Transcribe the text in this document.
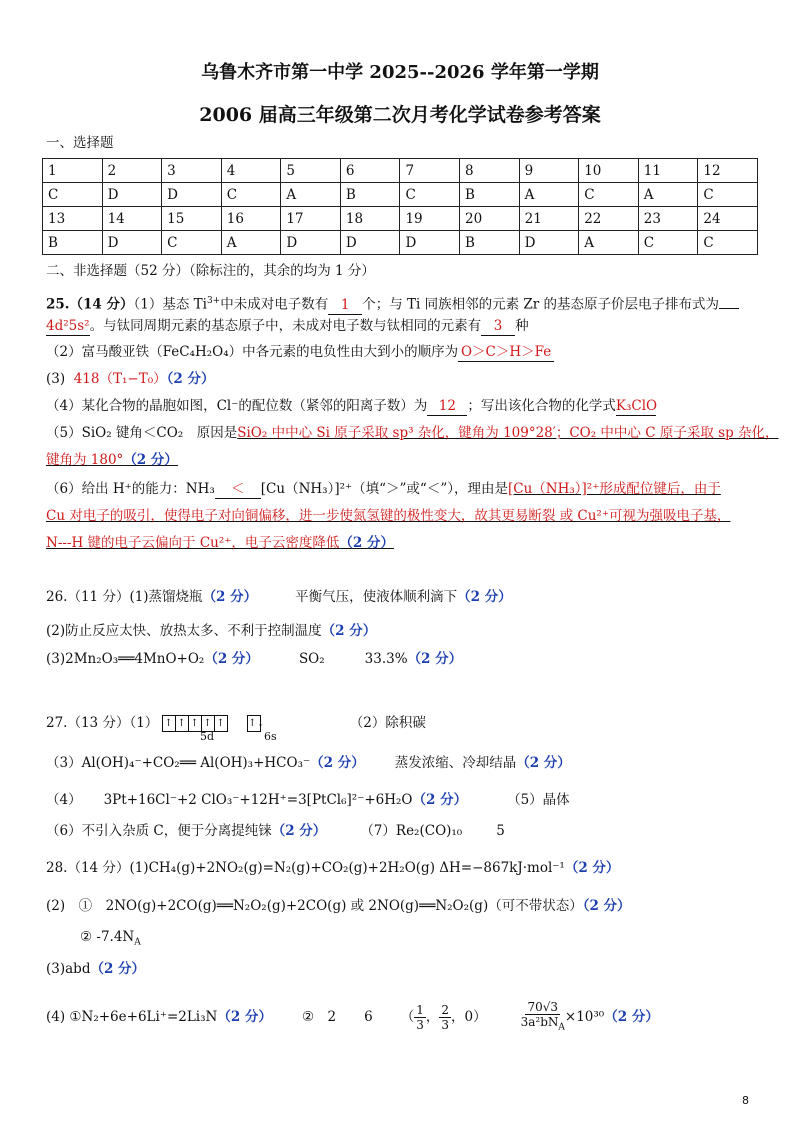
乌鲁木齐市第一中学 2025--2026 学年第一学期
2006 届高三年级第二次月考化学试卷参考答案
一、选择题
1	2	3	4	5	6	7	8	9	10	11	12
C	D	D	C	A	B	C	B	A	C	A	C
13	14	15	16	17	18	19	20	21	22	23	24
B	D	C	A	D	D	D	B	D	A	C	C
二、非选择题（52 分）（除标注的，其余的均为 1 分）
25.（14 分）（1）基态 $Ti^{3+}$中未成对电子数有 1 个；与 Ti 同族相邻的元素 Zr 的基态原子价层电子排布式为
4d²5s²。与钛同周期元素的基态原子中，未成对电子数与钛相同的元素有 3 种
（2）富马酸亚铁（FeC₄H₂O₄）中各元素的电负性由大到小的顺序为 O＞C＞H＞Fe
(3) 418（T₁−T₀）（2 分）
（4）某化合物的晶胞如图，Cl⁻的配位数（紧邻的阳离子数）为 12 ；写出该化合物的化学式K₃ClO
（5）SiO₂ 键角＜CO₂　原因是SiO₂ 中中心 Si 原子采取 sp³ 杂化，键角为 109°28′；CO₂ 中中心 C 原子采取 sp 杂化，
键角为 180°（2 分）
（6）给出 H⁺的能力：NH₃ ＜ [Cu（NH₃）]²⁺（填“＞”或“＜”），理由是[Cu（NH₃）]²⁺形成配位键后，由于
Cu 对电子的吸引，使得电子对向铜偏移，进一步使氮氢键的极性变大，故其更易断裂 或 Cu²⁺可视为强吸电子基，
N---H 键的电子云偏向于 Cu²⁺，电子云密度降低（2 分）
26.（11 分）(1)蒸馏烧瓶（2 分）	平衡气压，使液体顺利滴下（2 分）
(2)防止反应太快、放热太多、不利于控制温度（2 分）
(3)2Mn₂O₃══4MnO+O₂（2 分）	SO₂	33.3%（2 分）
27.（13 分）（1） ↑ ↑ ↑ ↑ ↑
↑↓	（2）除积碳
5d	6s
（3）Al(OH)₄⁻+CO₂══ Al(OH)₃+HCO₃⁻（2 分） 蒸发浓缩、冷却结晶（2 分）
（4） 3Pt+16Cl⁻+2 ClO₃⁻+12H⁺=3[PtCl₆]²⁻+6H₂O（2 分）	（5）晶体
（6）不引入杂质 C，便于分离提纯铼（2 分）	（7）Re₂(CO)₁₀	5
28.（14 分）(1)CH₄(g)+2NO₂(g)=N₂(g)+CO₂(g)+2H₂O(g) ΔH=−867kJ·mol⁻¹（2 分）
(2)　①　2NO(g)+2CO(g)══N₂O₂(g)+2CO(g) 或 2NO(g)══N₂O₂(g)（可不带状态）（2 分）
② $-7.4N_A$
(3)abd（2 分）
(4) ①N₂+6e+6Li⁺=2Li₃N（2 分） ②　2 6 （ $\frac{1}{3}$ ， $\frac{2}{3}$ ，0）	$\frac{70√3}{3a^2bN_A} \times 10^{30}(2$ 分）
8
